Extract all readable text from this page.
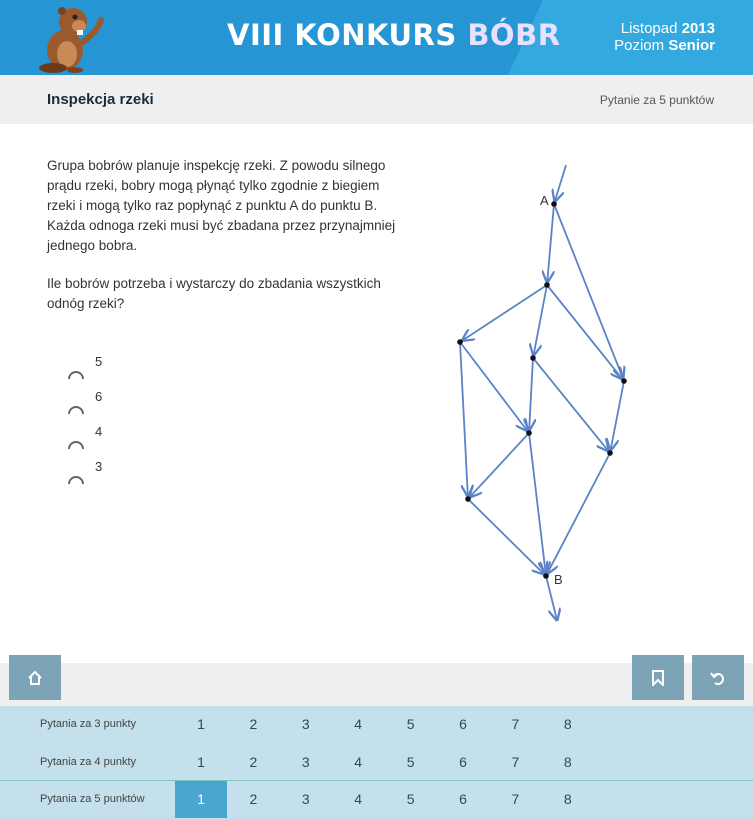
VIII KONKURS BÓBR	Listopad 2013
Poziom Senior
Inspekcja rzeki	Pytanie za 5 punktów

Grupa bobrów planuje inspekcję rzeki. Z powodu silnego prądu rzeki, bobry mogą płynąć tylko zgodnie z biegiem rzeki i mogą tylko raz popłynąć z punktu A do punktu B. Każda odnoga rzeki musi być zbadana przez przynajmniej jednego bobra.

Ile bobrów potrzeba i wystarczy do zbadania wszystkich odnóg rzeki?

5
6
4
3
A
B
Pytania za 3 punkty	1	2	3	4	5	6	7	8
Pytania za 4 punkty	1	2	3	4	5	6	7	8
Pytania za 5 punktów	1	2	3	4	5	6	7	8
